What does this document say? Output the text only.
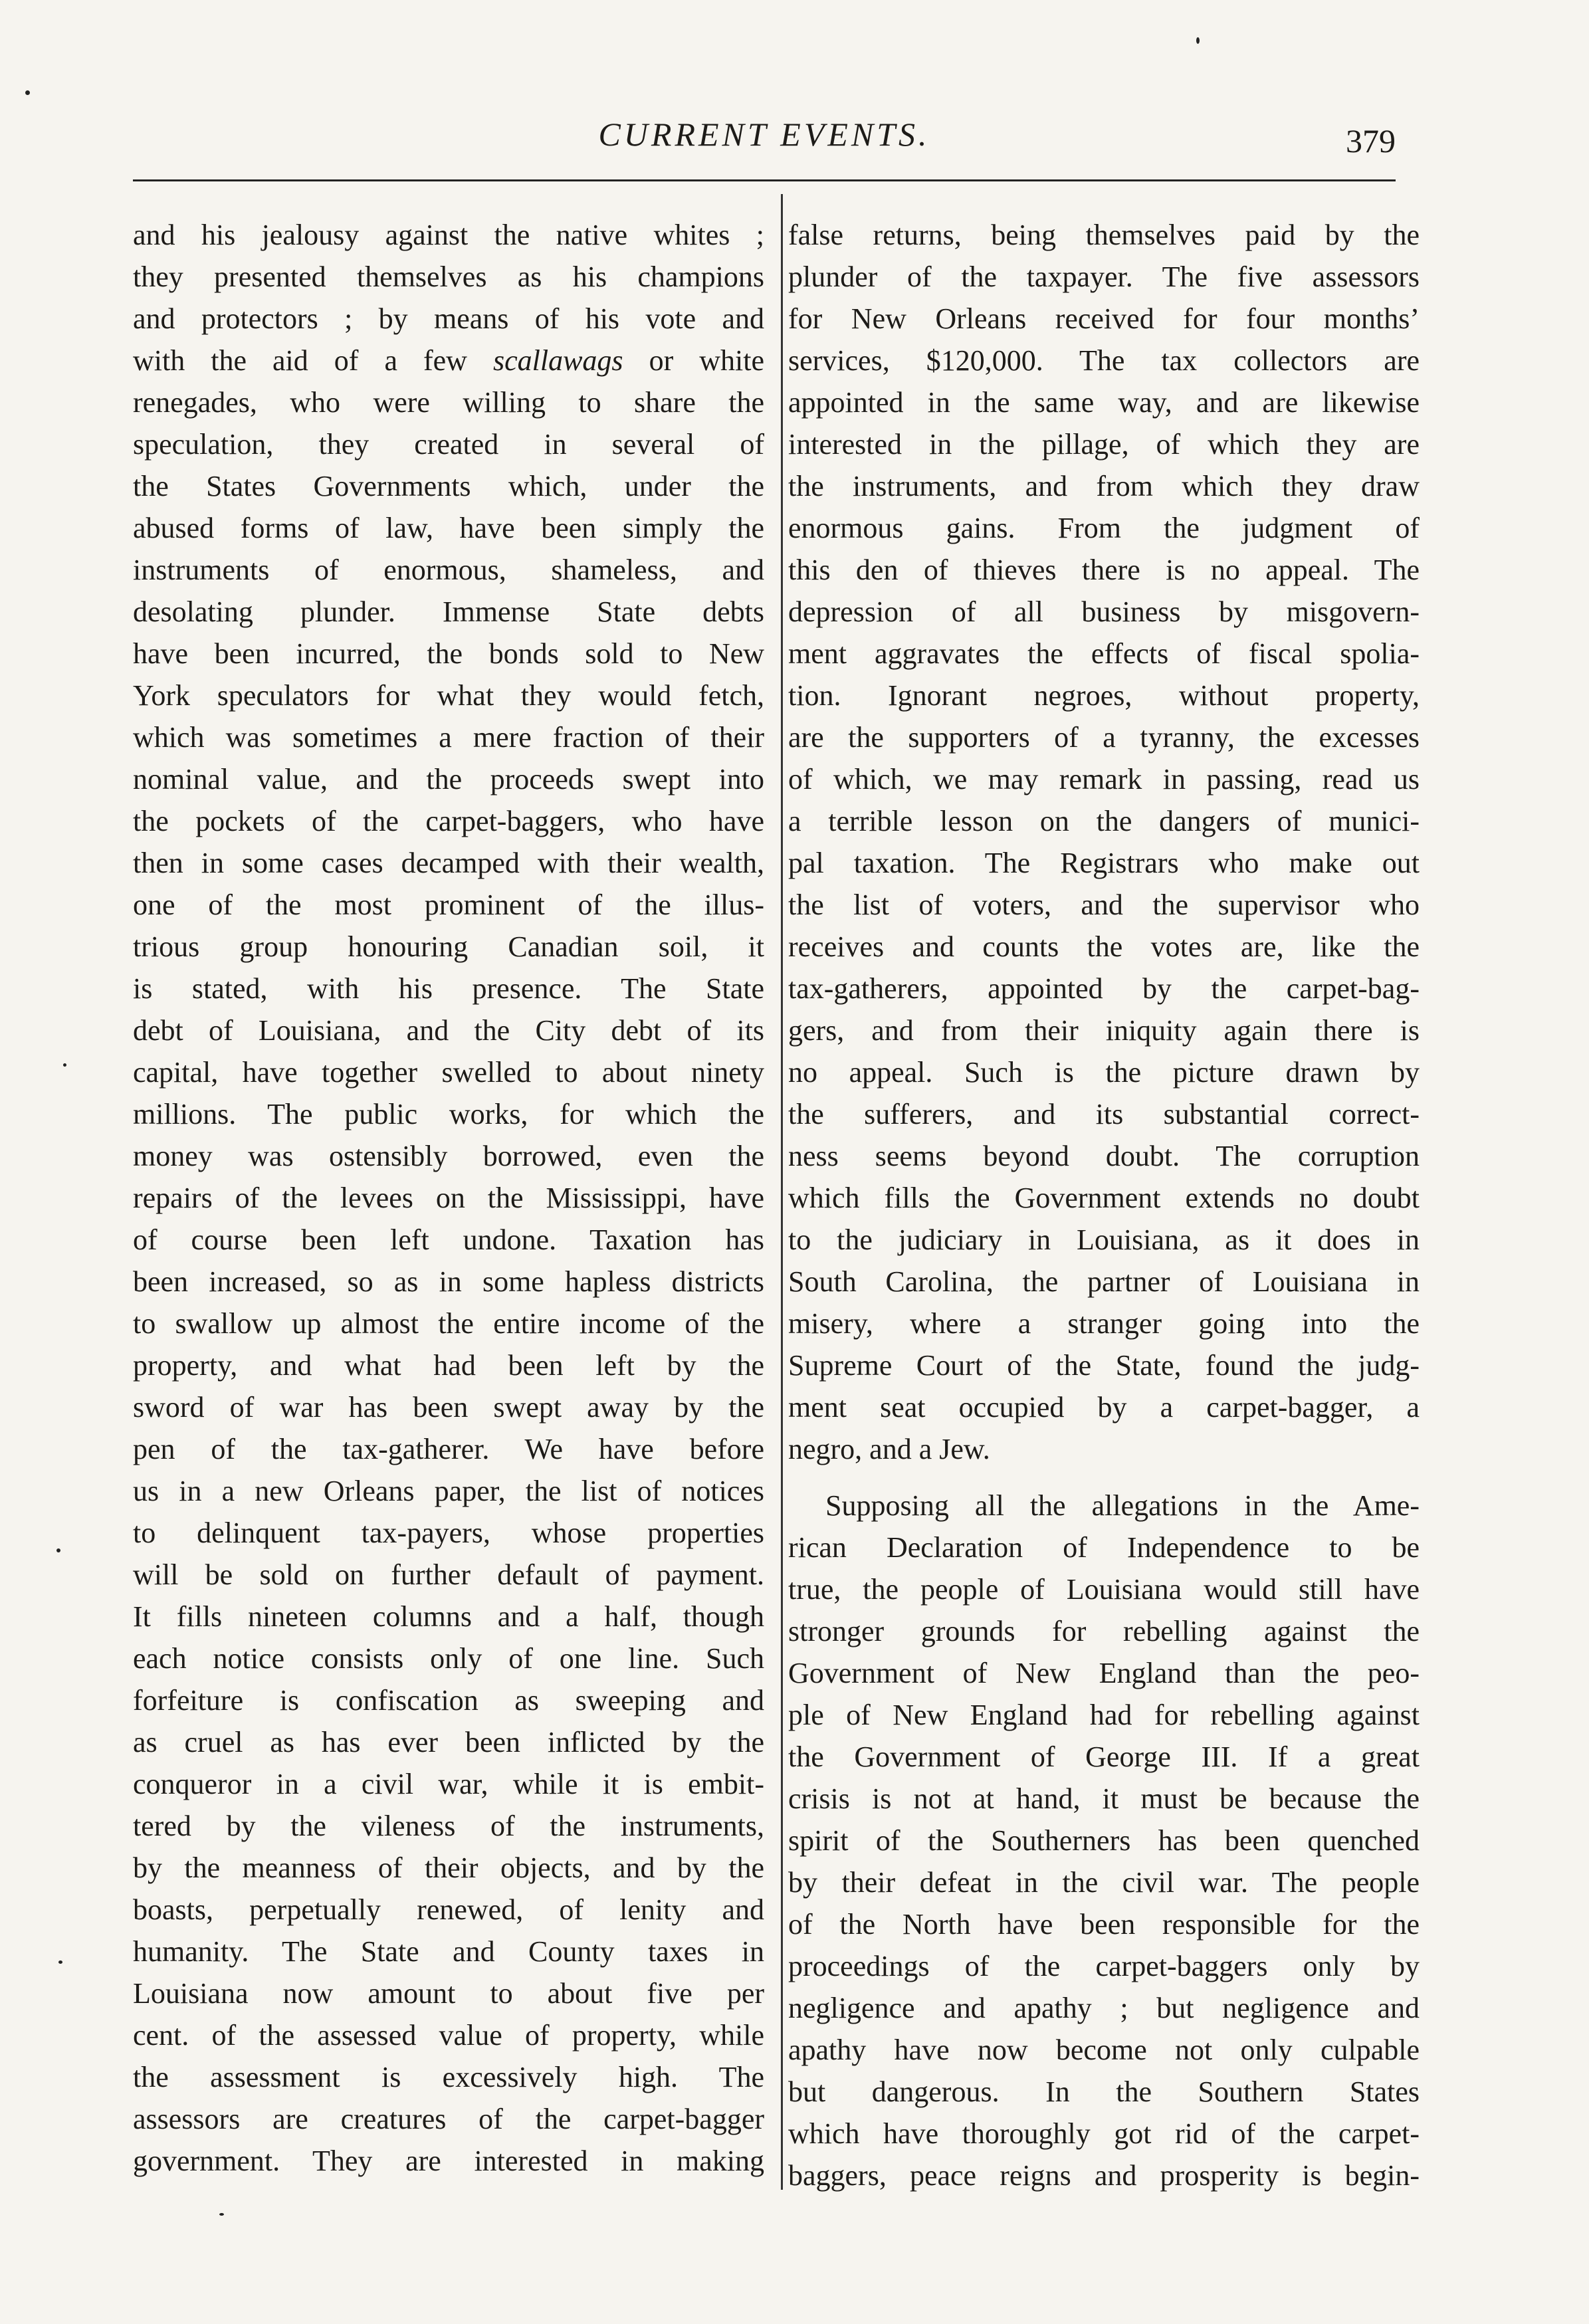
CURRENT EVENTS.	379
and his jealousy against the native whites ;
they presented themselves as his champions
and protectors ; by means of his vote and
with the aid of a few scallawags or white
renegades, who were willing to share the
speculation, they created in several of
the States Governments which, under the
abused forms of law, have been simply the
instruments of enormous, shameless, and
desolating plunder. Immense State debts
have been incurred, the bonds sold to New
York speculators for what they would fetch,
which was sometimes a mere fraction of their
nominal value, and the proceeds swept into
the pockets of the carpet-baggers, who have
then in some cases decamped with their wealth,
one of the most prominent of the illus-
trious group honouring Canadian soil, it
is stated, with his presence. The State
debt of Louisiana, and the City debt of its
capital, have together swelled to about ninety
millions. The public works, for which the
money was ostensibly borrowed, even the
repairs of the levees on the Mississippi, have
of course been left undone. Taxation has
been increased, so as in some hapless districts
to swallow up almost the entire income of the
property, and what had been left by the
sword of war has been swept away by the
pen of the tax-gatherer. We have before
us in a new Orleans paper, the list of notices
to delinquent tax-payers, whose properties
will be sold on further default of payment.
It fills nineteen columns and a half, though
each notice consists only of one line. Such
forfeiture is confiscation as sweeping and
as cruel as has ever been inflicted by the
conqueror in a civil war, while it is embit-
tered by the vileness of the instruments,
by the meanness of their objects, and by the
boasts, perpetually renewed, of lenity and
humanity. The State and County taxes in
Louisiana now amount to about five per
cent. of the assessed value of property, while
the assessment is excessively high. The
assessors are creatures of the carpet-bagger
government. They are interested in making
false returns, being themselves paid by the
plunder of the taxpayer. The five assessors
for New Orleans received for four months’
services, $120,000. The tax collectors are
appointed in the same way, and are likewise
interested in the pillage, of which they are
the instruments, and from which they draw
enormous gains. From the judgment of
this den of thieves there is no appeal. The
depression of all business by misgovern-
ment aggravates the effects of fiscal spolia-
tion. Ignorant negroes, without property,
are the supporters of a tyranny, the excesses
of which, we may remark in passing, read us
a terrible lesson on the dangers of munici-
pal taxation. The Registrars who make out
the list of voters, and the supervisor who
receives and counts the votes are, like the
tax-gatherers, appointed by the carpet-bag-
gers, and from their iniquity again there is
no appeal. Such is the picture drawn by
the sufferers, and its substantial correct-
ness seems beyond doubt. The corruption
which fills the Government extends no doubt
to the judiciary in Louisiana, as it does in
South Carolina, the partner of Louisiana in
misery, where a stranger going into the
Supreme Court of the State, found the judg-
ment seat occupied by a carpet-bagger, a
negro, and a Jew.
Supposing all the allegations in the Ame-
rican Declaration of Independence to be
true, the people of Louisiana would still have
stronger grounds for rebelling against the
Government of New England than the peo-
ple of New England had for rebelling against
the Government of George III. If a great
crisis is not at hand, it must be because the
spirit of the Southerners has been quenched
by their defeat in the civil war. The people
of the North have been responsible for the
proceedings of the carpet-baggers only by
negligence and apathy ; but negligence and
apathy have now become not only culpable
but dangerous. In the Southern States
which have thoroughly got rid of the carpet-
baggers, peace reigns and prosperity is begin-
